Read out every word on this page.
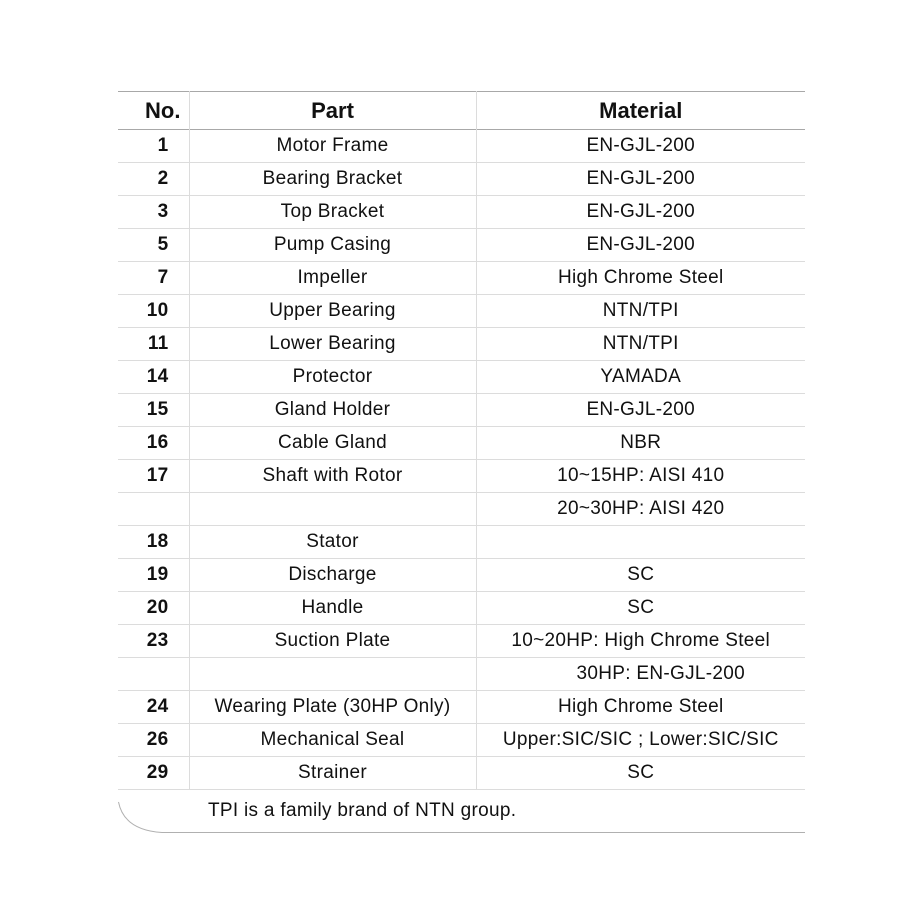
No.	Part	Material
1	Motor Frame	EN-GJL-200
2	Bearing Bracket	EN-GJL-200
3	Top Bracket	EN-GJL-200
5	Pump Casing	EN-GJL-200
7	Impeller	High Chrome Steel
10	Upper Bearing	NTN/TPI
11	Lower Bearing	NTN/TPI
14	Protector	YAMADA
15	Gland Holder	EN-GJL-200
16	Cable Gland	NBR
17	Shaft with Rotor	10~15HP: AISI 410
		20~30HP: AISI 420
18	Stator	
19	Discharge	SC
20	Handle	SC
23	Suction Plate	10~20HP: High Chrome Steel
		30HP: EN-GJL-200
24	Wearing Plate (30HP Only)	High Chrome Steel
26	Mechanical Seal	Upper:SIC/SIC ; Lower:SIC/SIC
29	Strainer	SC
TPI is a family brand of NTN group.
